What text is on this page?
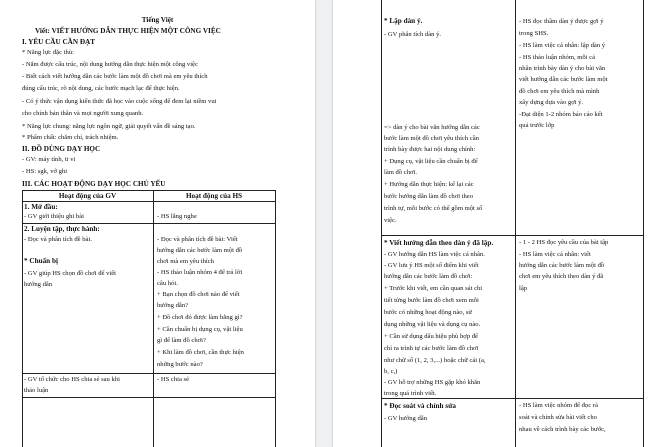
Tiếng Việt
Viết: VIẾT HƯỚNG DẪN THỰC HIỆN MỘT CÔNG VIỆC
I. YÊU CẦU CẦN ĐẠT
* Năng lực đặc thù:
- Nắm được cấu trúc, nội dung hướng dẫn thực hiện một công việc
- Biết cách viết hướng dẫn các bước làm một đồ chơi mà em yêu thích
đúng cấu trúc, rõ nội dung, các bước mạch lạc để thực hiện.
- Có ý thức vận dụng kiến thức đã học vào cuộc sống để đem lại niềm vui
cho chính bản thân và mọi người xung quanh.
* Năng lực chung: năng lực ngôn ngữ, giải quyết vấn đề sáng tạo.
* Phẩm chất: chăm chỉ, trách nhiệm.
II. ĐỒ DÙNG DẠY HỌC
- GV: máy tính, ti vi
- HS: sgk, vở ghi
III. CÁC HOẠT ĐỘNG DẠY HỌC CHỦ YẾU
Hoạt động của GV	Hoạt động của HS
1. Mở đầu:
- GV giới thiệu ghi bài	- HS lắng nghe
2. Luyện tập, thực hành:
- Đọc và phân tích đề bài.
* Chuẩn bị
- GV giúp HS chọn đồ chơi để viết
hướng dẫn
- Đọc và phân tích đề bài: Viết
hướng dẫn các bước làm một đồ
chơi mà em yêu thích
- HS thảo luận nhóm 4 để trả lời
câu hỏi.
+ Bạn chọn đồ chơi nào để viết
hướng dẫn?
+ Đồ chơi đó được làm bằng gì?
+ Cần chuẩn bị dụng cụ, vật liệu
gì để làm đồ chơi?
+ Khi làm đồ chơi, cần thực hiện
những bước nào?
- GV tổ chức cho HS chia sẻ sau khi
thảo luận
- HS chia sẻ
* Lập dàn ý.
- GV phân tích dàn ý.
=> dàn ý cho bài văn hướng dẫn các
bước làm một đồ chơi yêu thích cần
trình bày được hai nội dung chính:
+ Dụng cụ, vật liệu cần chuẩn bị để
làm đồ chơi.
+ Hướng dẫn thực hiện: kể lại các
bước hướng dẫn làm đồ chơi theo
trình tự, mỗi bước có thể gồm một số
việc.
- HS đọc thầm dàn ý được gợi ý
trong SHS.
- HS làm việc cá nhân: lập dàn ý
- HS thảo luận nhóm, mỗi cá
nhân trình bày dàn ý cho bài văn
viết hướng dẫn các bước làm một
đồ chơi em yêu thích mà mình
xây dựng dựa vào gợi ý.
-Đại diện 1-2 nhóm báo cáo kết
quả trước lớp
* Viết hướng dẫn theo dàn ý đã lập.
- GV hướng dẫn HS làm việc cá nhân.
- GV lưu ý HS một số điểm khi viết
hướng dẫn các bước làm đồ chơi:
+ Trước khi viết, em cần quan sát chi
tiết từng bước làm đồ chơi xem mỗi
bước có những hoạt động nào, sử
dụng những vật liệu và dụng cụ nào.
+ Cần sử dụng dấu hiệu phù hợp để
chỉ ra trình tự các bước làm đồ chơi
như chữ số (1, 2, 3,...) hoặc chữ cái (a,
b, c,)
- GV hỗ trợ những HS gặp khó khăn
trong quá trình viết.
- 1 - 2 HS đọc yêu cầu của bài tập
- HS làm việc cá nhân: viết
hướng dẫn các bước làm một đồ
chơi em yêu thích theo dàn ý đã
lập
* Đọc soát và chỉnh sửa
- GV hướng dẫn
- HS làm việc nhóm để đọc rà
soát và chỉnh sửa bài viết cho
nhau về cách trình bày các bước,
